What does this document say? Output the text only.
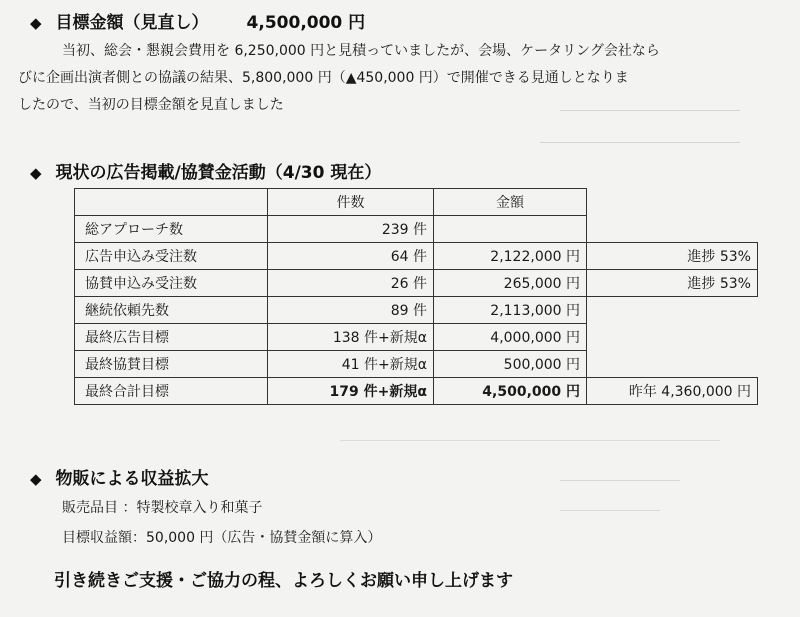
◆ 目標金額（見直し） 4,500,000 円
当初、総会・懇親会費用を 6,250,000 円と見積っていましたが、会場、ケータリング会社なら
びに企画出演者側との協議の結果、5,800,000 円（▲450,000 円）で開催できる見通しとなりま
したので、当初の目標金額を見直しました
◆ 現状の広告掲載/協賛金活動（4/30 現在）
	件数	金額	
総アプローチ数	239 件		
広告申込み受注数	64 件	2,122,000 円	進捗 53%
協賛申込み受注数	26 件	265,000 円	進捗 53%
継続依頼先数	89 件	2,113,000 円	
最終広告目標	138 件+新規α	4,000,000 円	
最終協賛目標	41 件+新規α	500,000 円	
最終合計目標	179 件+新規α	4,500,000 円	昨年 4,360,000 円
◆ 物販による収益拡大
販売品目 ：特製校章入り和菓子
目標収益額：50,000 円（広告・協賛金額に算入）
引き続きご支援・ご協力の程、よろしくお願い申し上げます
